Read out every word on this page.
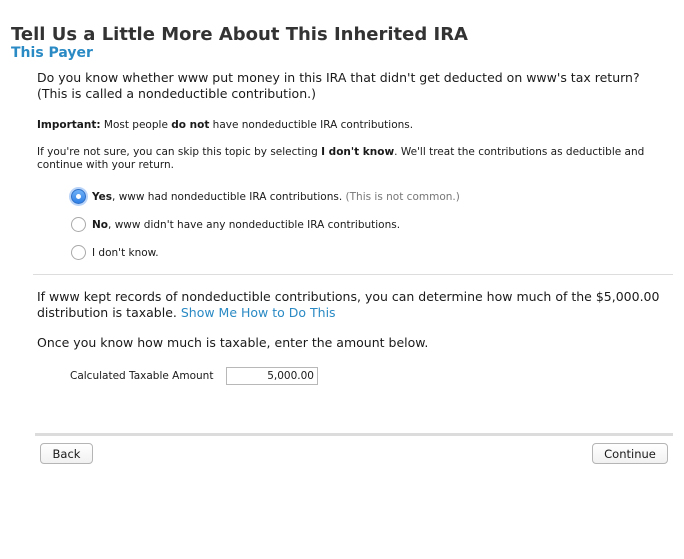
Tell Us a Little More About This Inherited IRA
This Payer
Do you know whether www put money in this IRA that didn't get deducted on www's tax return?
(This is called a nondeductible contribution.)
Important: Most people do not have nondeductible IRA contributions.
If you're not sure, you can skip this topic by selecting I don't know. We'll treat the contributions as deductible and continue with your return.
Yes, www had nondeductible IRA contributions. (This is not common.)
No, www didn't have any nondeductible IRA contributions.
I don't know.
If www kept records of nondeductible contributions, you can determine how much of the $5,000.00 distribution is taxable. Show Me How to Do This
Once you know how much is taxable, enter the amount below.
Calculated Taxable Amount
5,000.00
Back	Continue
